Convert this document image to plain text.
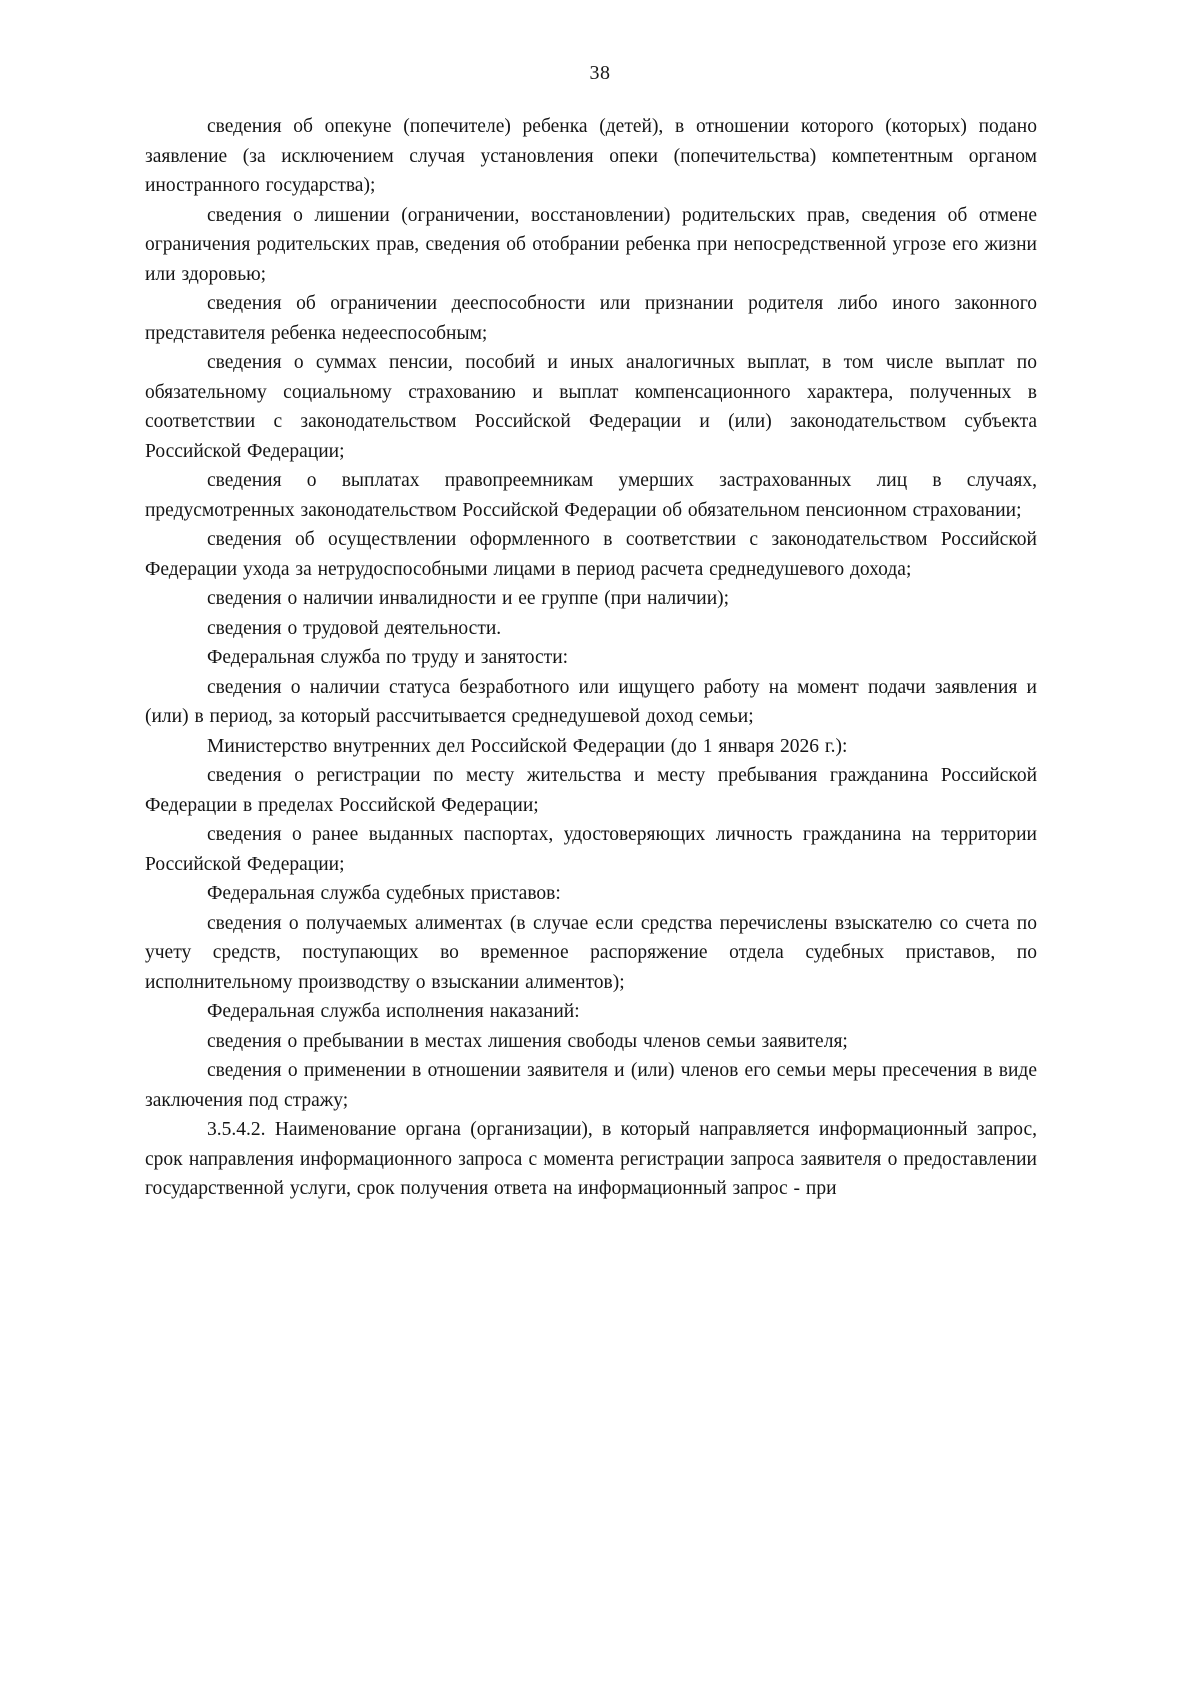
38

сведения об опекуне (попечителе) ребенка (детей), в отношении которого (которых) подано заявление (за исключением случая установления опеки (попечительства) компетентным органом иностранного государства);

сведения о лишении (ограничении, восстановлении) родительских прав, сведения об отмене ограничения родительских прав, сведения об отобрании ребенка при непосредственной угрозе его жизни или здоровью;

сведения об ограничении дееспособности или признании родителя либо иного законного представителя ребенка недееспособным;

сведения о суммах пенсии, пособий и иных аналогичных выплат, в том числе выплат по обязательному социальному страхованию и выплат компенсационного характера, полученных в соответствии с законодательством Российской Федерации и (или) законодательством субъекта Российской Федерации;

сведения о выплатах правопреемникам умерших застрахованных лиц в случаях, предусмотренных законодательством Российской Федерации об обязательном пенсионном страховании;

сведения об осуществлении оформленного в соответствии с законодательством Российской Федерации ухода за нетрудоспособными лицами в период расчета среднедушевого дохода;

сведения о наличии инвалидности и ее группе (при наличии);

сведения о трудовой деятельности.

Федеральная служба по труду и занятости:

сведения о наличии статуса безработного или ищущего работу на момент подачи заявления и (или) в период, за который рассчитывается среднедушевой доход семьи;

Министерство внутренних дел Российской Федерации (до 1 января 2026 г.):

сведения о регистрации по месту жительства и месту пребывания гражданина Российской Федерации в пределах Российской Федерации;

сведения о ранее выданных паспортах, удостоверяющих личность гражданина на территории Российской Федерации;

Федеральная служба судебных приставов:

сведения о получаемых алиментах (в случае если средства перечислены взыскателю со счета по учету средств, поступающих во временное распоряжение отдела судебных приставов, по исполнительному производству о взыскании алиментов);

Федеральная служба исполнения наказаний:

сведения о пребывании в местах лишения свободы членов семьи заявителя;

сведения о применении в отношении заявителя и (или) членов его семьи меры пресечения в виде заключения под стражу;

3.5.4.2. Наименование органа (организации), в который направляется информационный запрос, срок направления информационного запроса с момента регистрации запроса заявителя о предоставлении государственной услуги, срок получения ответа на информационный запрос - при
